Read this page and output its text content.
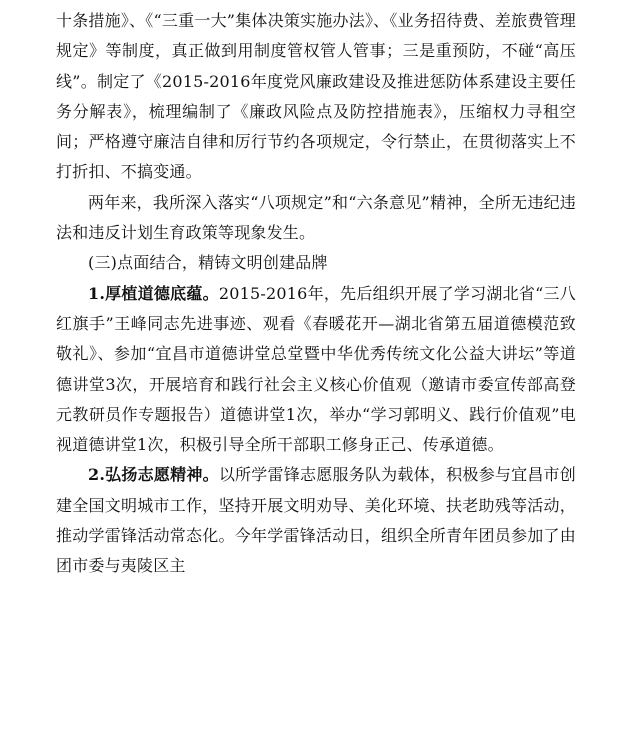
十条措施》、《“三重一大”集体决策实施办法》、《业务招待费、差旅费管理规定》等制度，真正做到用制度管权管人管事；三是重预防，不碰“高压线”。制定了《2015-2016年度党风廉政建设及推进惩防体系建设主要任务分解表》，梳理编制了《廉政风险点及防控措施表》，压缩权力寻租空间；严格遵守廉洁自律和厉行节约各项规定，令行禁止，在贯彻落实上不打折扣、不搞变通。

两年来，我所深入落实“八项规定”和“六条意见”精神，全所无违纪违法和违反计划生育政策等现象发生。

(三)点面结合，精铸文明创建品牌

1.厚植道德底蕴。2015-2016年，先后组织开展了学习湖北省“三八红旗手”王峰同志先进事迹、观看《春暖花开—湖北省第五届道德模范致敬礼》、参加“宜昌市道德讲堂总堂暨中华优秀传统文化公益大讲坛”等道德讲堂3次，开展培育和践行社会主义核心价值观（邀请市委宣传部高登元教研员作专题报告）道德讲堂1次，举办“学习郭明义、践行价值观”电视道德讲堂1次，积极引导全所干部职工修身正己、传承道德。

2.弘扬志愿精神。以所学雷锋志愿服务队为载体，积极参与宜昌市创建全国文明城市工作，坚持开展文明劝导、美化环境、扶老助残等活动，推动学雷锋活动常态化。今年学雷锋活动日，组织全所青年团员参加了由团市委与夷陵区主
